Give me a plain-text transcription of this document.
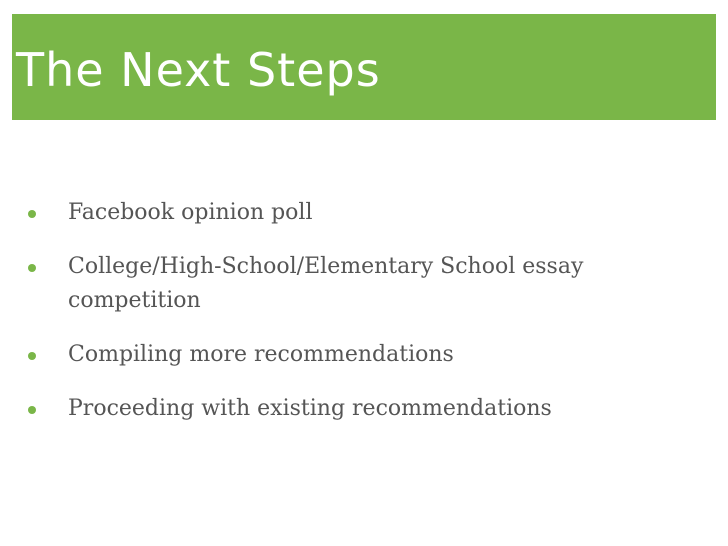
The Next Steps
Facebook opinion poll
College/High-School/Elementary School essay competition
Compiling more recommendations
Proceeding with existing recommendations
